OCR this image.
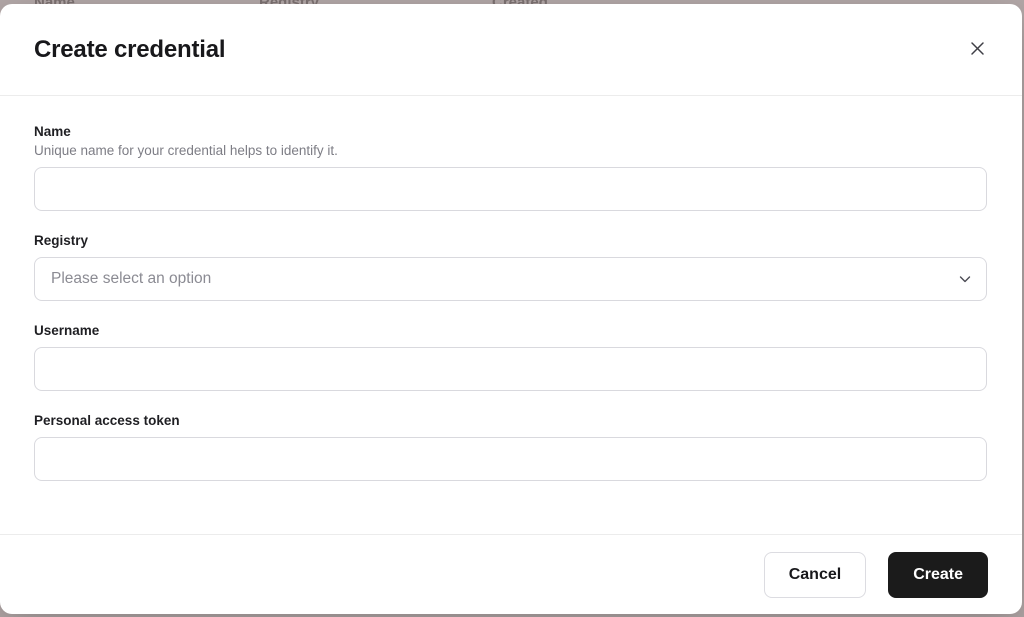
Create credential
Name
Unique name for your credential helps to identify it.
Registry
Please select an option
Username
Personal access token
Cancel	Create
